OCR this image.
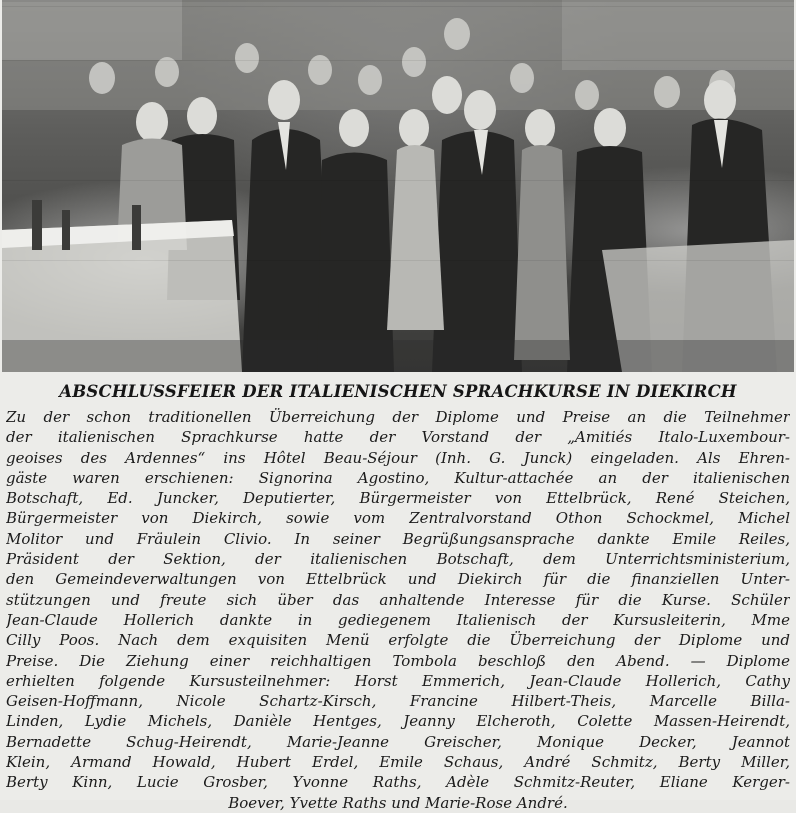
ABSCHLUSSFEIER DER ITALIENISCHEN SPRACHKURSE IN DIEKIRCH
Zu der schon traditionellen Überreichung der Diplome und Preise an die Teilnehmer
der italienischen Sprachkurse hatte der Vorstand der „Amitiés Italo-Luxembour-
geoises des Ardennes“ ins Hôtel Beau-Séjour (Inh. G. Junck) eingeladen. Als Ehren-
gäste waren erschienen: Signorina Agostino, Kultur-attachée an der italienischen
Botschaft, Ed. Juncker, Deputierter, Bürgermeister von Ettelbrück, René Steichen,
Bürgermeister von Diekirch, sowie vom Zentralvorstand Othon Schockmel, Michel
Molitor und Fräulein Clivio. In seiner Begrüßungsansprache dankte Emile Reiles,
Präsident der Sektion, der italienischen Botschaft, dem Unterrichtsministerium,
den Gemeindeverwaltungen von Ettelbrück und Diekirch für die finanziellen Unter-
stützungen und freute sich über das anhaltende Interesse für die Kurse. Schüler
Jean-Claude Hollerich dankte in gediegenem Italienisch der Kursusleiterin, Mme
Cilly Poos. Nach dem exquisiten Menü erfolgte die Überreichung der Diplome und
Preise. Die Ziehung einer reichhaltigen Tombola beschloß den Abend. — Diplome
erhielten folgende Kursusteilnehmer: Horst Emmerich, Jean-Claude Hollerich, Cathy
Geisen-Hoffmann, Nicole Schartz-Kirsch, Francine Hilbert-Theis, Marcelle Billa-
Linden, Lydie Michels, Danièle Hentges, Jeanny Elcheroth, Colette Massen-Heirendt,
Bernadette Schug-Heirendt, Marie-Jeanne Greischer, Monique Decker, Jeannot
Klein, Armand Howald, Hubert Erdel, Emile Schaus, André Schmitz, Berty Miller,
Berty Kinn, Lucie Grosber, Yvonne Raths, Adèle Schmitz-Reuter, Eliane Kerger-
Boever, Yvette Raths und Marie-Rose André.
